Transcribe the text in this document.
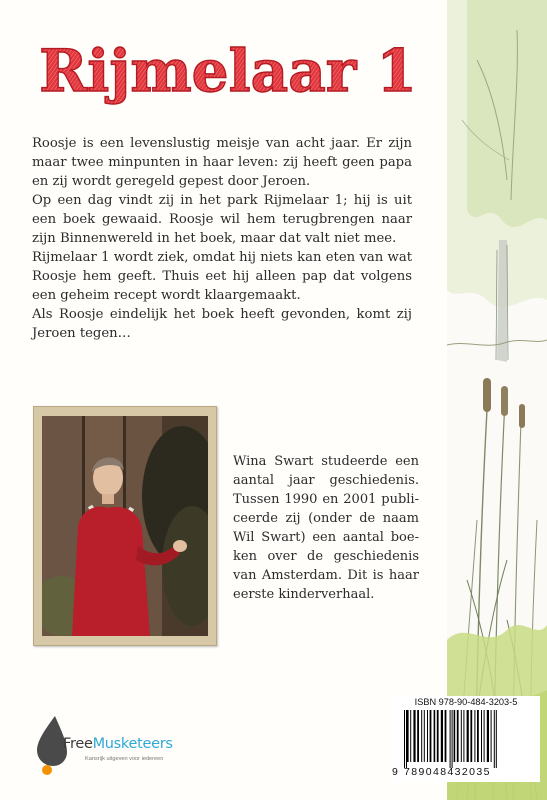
Rijmelaar 1

Roosje is een levenslustig meisje van acht jaar. Er zijn maar twee minpunten in haar leven: zij heeft geen papa en zij wordt geregeld gepest door Jeroen.

Op een dag vindt zij in het park Rijmelaar 1; hij is uit een boek gewaaid. Roosje wil hem terugbrengen naar zijn Binnenwereld in het boek, maar dat valt niet mee.

Rijmelaar 1 wordt ziek, omdat hij niets kan eten van wat Roosje hem geeft. Thuis eet hij alleen pap dat volgens een geheim recept wordt klaargemaakt.

Als Roosje eindelijk het boek heeft gevonden, komt zij Jeroen tegen…

Wina Swart studeerde een aantal jaar geschiedenis. Tussen 1990 en 2001 publiceerde zij (onder de naam Wil Swart) een aantal boeken over de geschiedenis van Amsterdam. Dit is haar eerste kinderverhaal.

FreeMusketeers
Kansrijk uitgeven voor iedereen
ISBN 978-90-484-3203-5
9 789048432035
